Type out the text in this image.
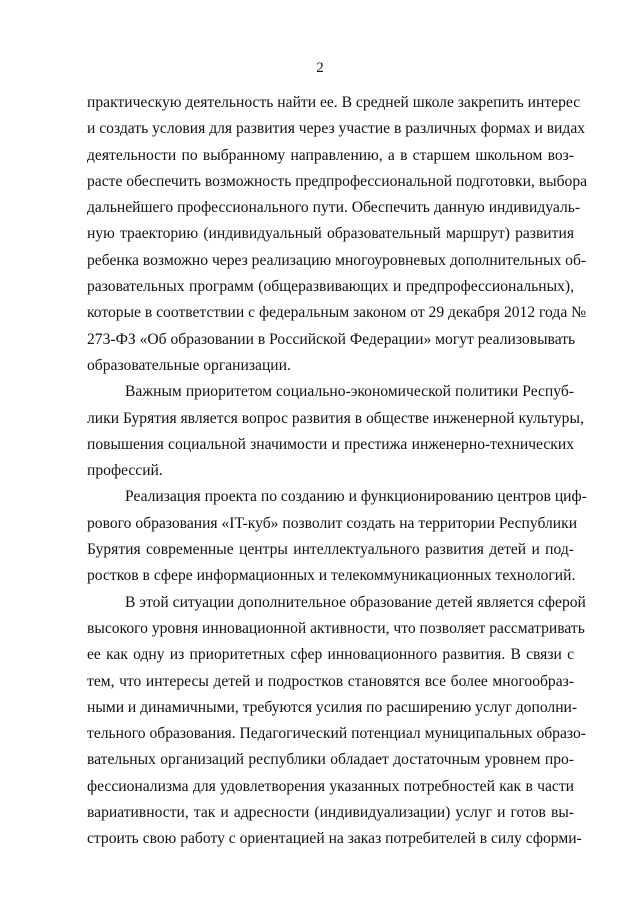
2
практическую деятельность найти ее. В средней школе закрепить интерес
и создать условия для развития через участие в различных формах и видах
деятельности по выбранному направлению, а в старшем школьном воз-
расте обеспечить возможность предпрофессиональной подготовки, выбора
дальнейшего профессионального пути. Обеспечить данную индивидуаль-
ную траекторию (индивидуальный образовательный маршрут) развития
ребенка возможно через реализацию многоуровневых дополнительных об-
разовательных программ (общеразвивающих и предпрофессиональных),
которые в соответствии с федеральным законом от 29 декабря 2012 года №
273-ФЗ «Об образовании в Российской Федерации» могут реализовывать
образовательные организации.
Важным приоритетом социально-экономической политики Респуб-
лики Бурятия является вопрос развития в обществе инженерной культуры,
повышения социальной значимости и престижа инженерно-технических
профессий.
Реализация проекта по созданию и функционированию центров циф-
рового образования «IT-куб» позволит создать на территории Республики
Бурятия современные центры интеллектуального развития детей и под-
ростков в сфере информационных и телекоммуникационных технологий.
В этой ситуации дополнительное образование детей является сферой
высокого уровня инновационной активности, что позволяет рассматривать
ее как одну из приоритетных сфер инновационного развития. В связи с
тем, что интересы детей и подростков становятся все более многообраз-
ными и динамичными, требуются усилия по расширению услуг дополни-
тельного образования. Педагогический потенциал муниципальных образо-
вательных организаций республики обладает достаточным уровнем про-
фессионализма для удовлетворения указанных потребностей как в части
вариативности, так и адресности (индивидуализации) услуг и готов вы-
строить свою работу с ориентацией на заказ потребителей в силу сформи-
